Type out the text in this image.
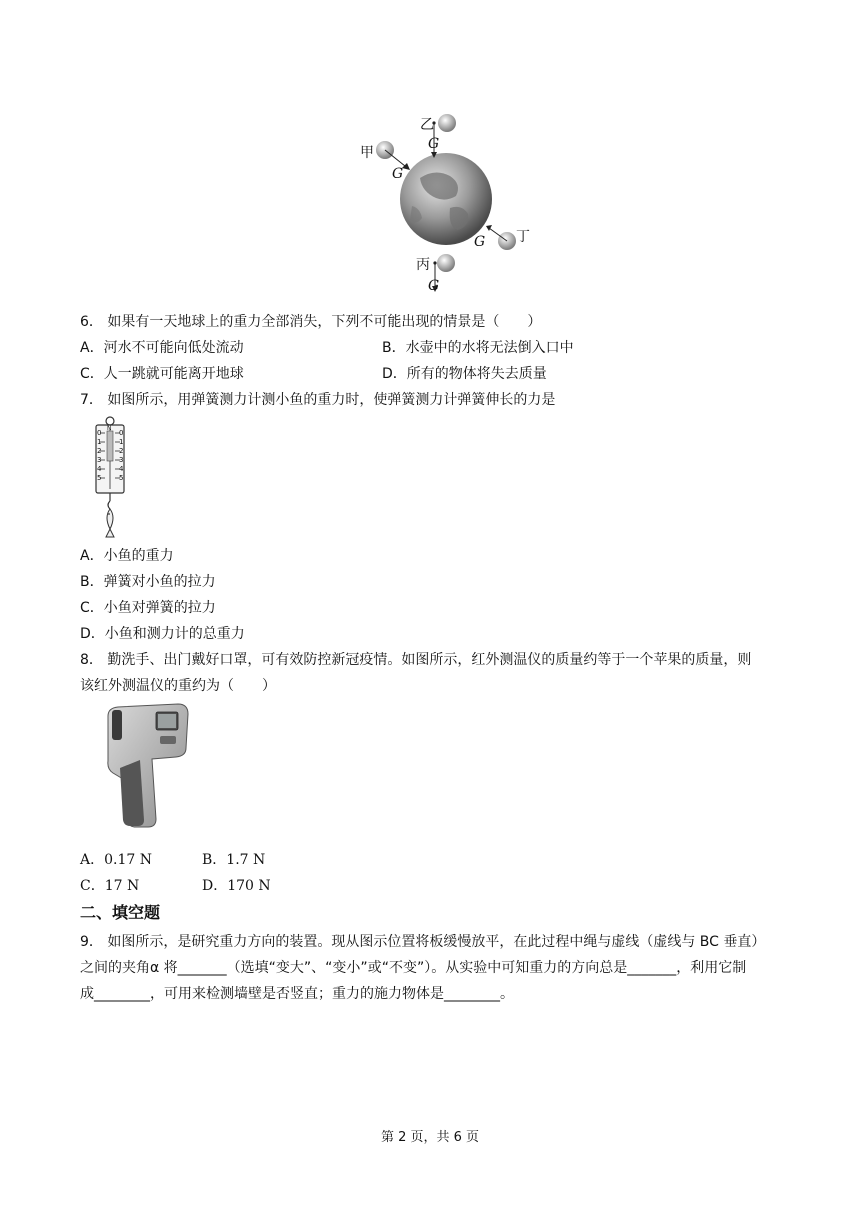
乙
G
甲
G
丁
G
丙
G
6． 如果有一天地球上的重力全部消失，下列不可能出现的情景是（　　）
A．河水不可能向低处流动	B．水壶中的水将无法倒入口中
C．人一跳就可能离开地球	D．所有的物体将失去质量
7． 如图所示，用弹簧测力计测小鱼的重力时，使弹簧测力计弹簧伸长的力是
N
0
1
2
3
4
5
0
1
2
3
4
5
A．小鱼的重力
B．弹簧对小鱼的拉力
C．小鱼对弹簧的拉力
D．小鱼和测力计的总重力
8． 勤洗手、出门戴好口罩，可有效防控新冠疫情。如图所示，红外测温仪的质量约等于一个苹果的质量，则
该红外测温仪的重约为（　　）
A．0.17 N	B．1.7 N
C．17 N	D．170 N
二、填空题
9． 如图所示，是研究重力方向的装置。现从图示位置将板缓慢放平，在此过程中绳与虚线（虚线与 BC 垂直）
之间的夹角α 将_______（选填“变大”、“变小”或“不变”）。从实验中可知重力的方向总是_______，利用它制
成________，可用来检测墙壁是否竖直；重力的施力物体是________。
第 2 页，共 6 页
